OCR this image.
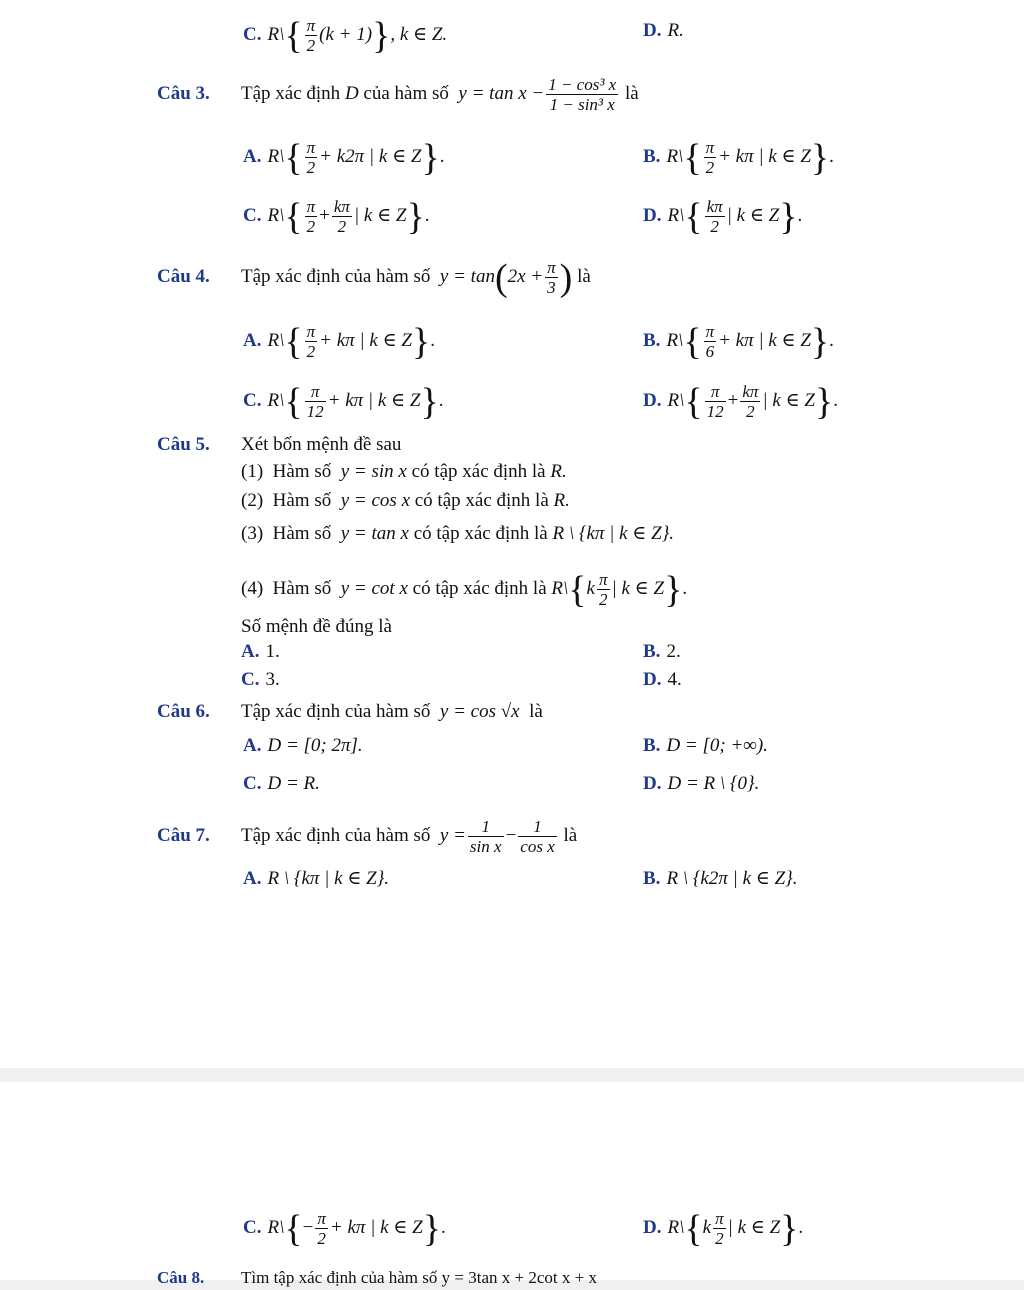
C. R\{ $\frac{\pi}{2} (k + 1)$}, k ∈ Z.	D. R.
Câu 3. Tập xác định D của hàm số $y = \tan x - \frac{\text{1 − cos³ x}}{\text{1 − sin³ x}}$ là
A. R\{ $\frac{\pi}{2} + k2\pi$ | k ∈ Z}.	B. R\{ $\frac{\pi}{2} + k\pi$ | k ∈ Z}.
C. R\{ $\frac{\pi}{2} + \frac{k\pi}{2}$ | k ∈ Z}.	D. R\{ $\frac{k\pi}{2}$ | k ∈ Z}.
Câu 4. Tập xác định của hàm số $y = \tan(2x + \frac{\pi}{3}$ ) là
A. R\{ $\frac{\pi}{2} + k\pi$ | k ∈ Z}.	B. R\{ $\frac{\pi}{6} + k\pi$ | k ∈ Z}.
C. R\{ $\frac{\pi}{12} + k\pi$ | k ∈ Z}.	D. R\{ $\frac{\pi}{12} + \frac{k\pi}{2}$ | k ∈ Z}.
Câu 5. Xét bốn mệnh đề sau
(1) Hàm số y = sin x có tập xác định là R.
(2) Hàm số y = cos x có tập xác định là R.
(3) Hàm số y = tan x có tập xác định là R \ {kπ | k ∈ Z}.
(4) Hàm số y = cot x có tập xác định là R\{k $\frac{\pi}{2}$ | k ∈ Z}.
Số mệnh đề đúng là
A. 1.	B. 2.
C. 3.	D. 4.
Câu 6. Tập xác định của hàm số y = cos √x là
A. D = [0; 2π].	B. D = [0; +∞).
C. D = R.	D. D = R \ {0}.
Câu 7. Tập xác định của hàm số $y = \frac{1}{\text{sin x}} - \frac{1}{\text{cos x}}$ là
A. R \ {kπ | k ∈ Z}.	B. R \ {k2π | k ∈ Z}.
C. R\{− $\frac{\pi}{2} + k\pi$ | k ∈ Z}.	D. R\{k $\frac{\pi}{2}$ | k ∈ Z}.
Câu 8. Tìm tập xác định của hàm số y = 3tan x + 2cot x + x
